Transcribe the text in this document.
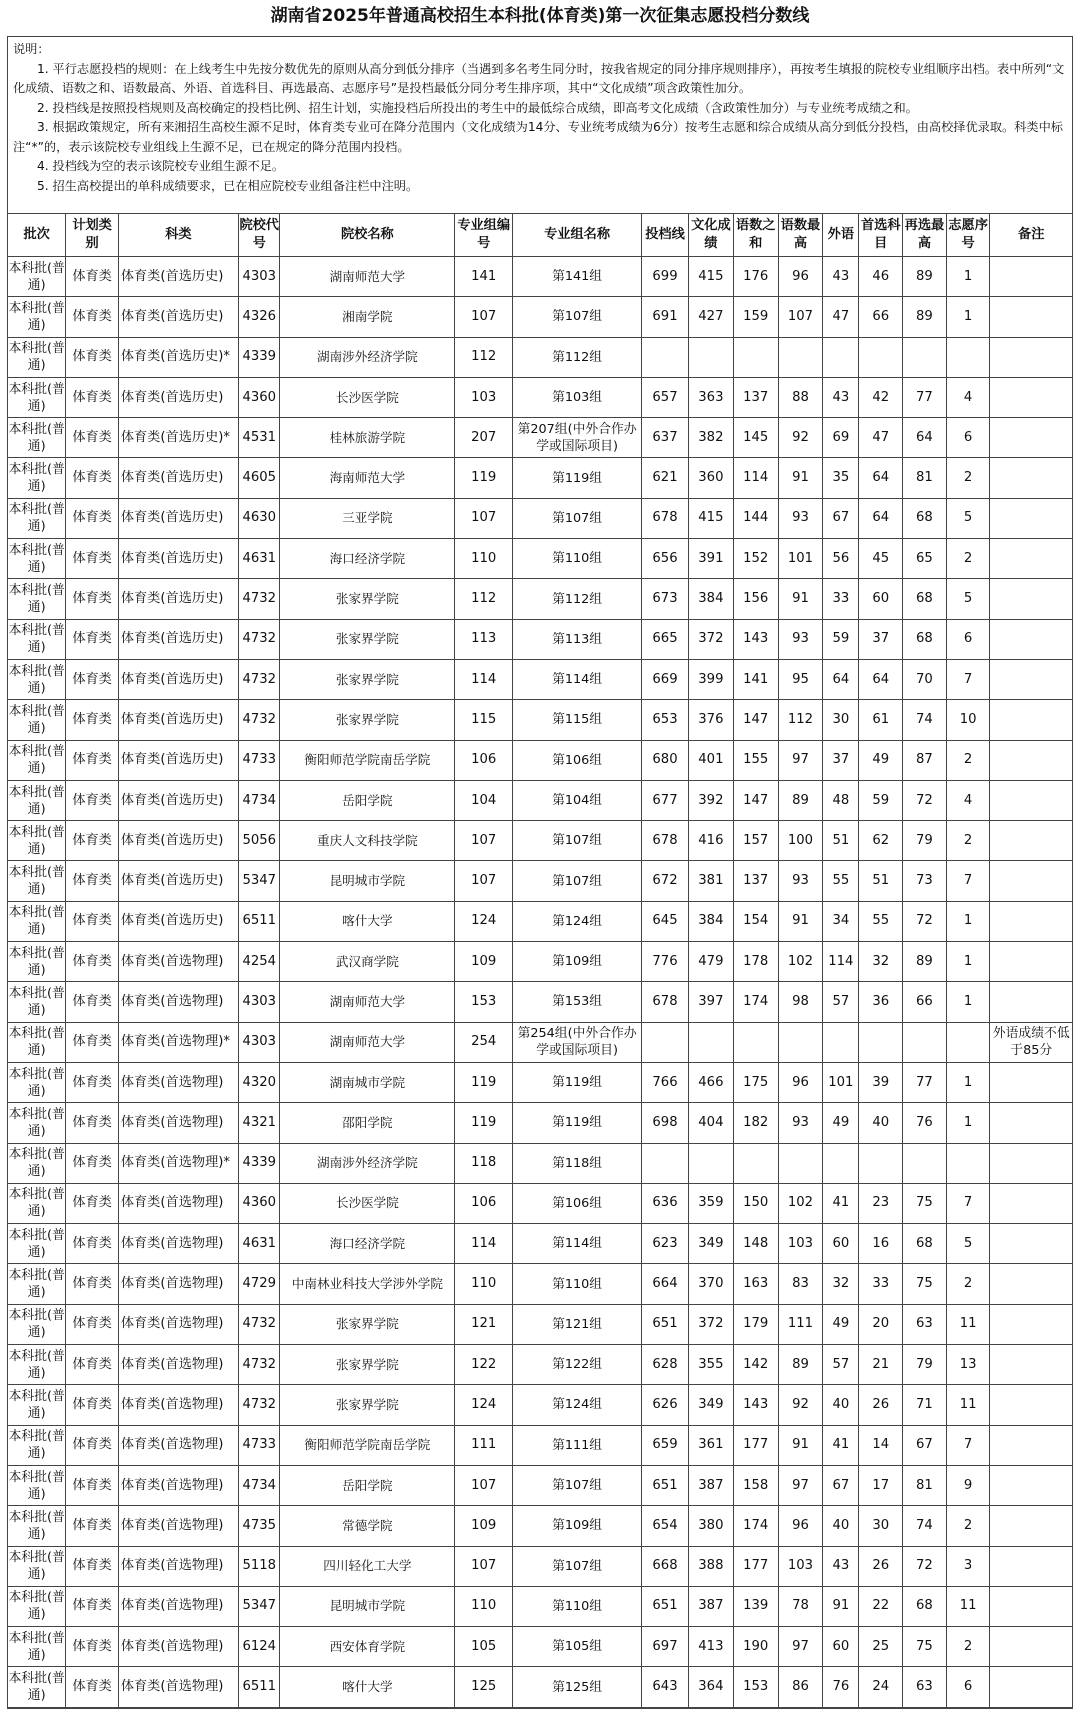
湖南省2025年普通高校招生本科批(体育类)第一次征集志愿投档分数线

说明：

1. 平行志愿投档的规则：在上线考生中先按分数优先的原则从高分到低分排序（当遇到多名考生同分时，按我省规定的同分排序规则排序），再按考生填报的院校专业组顺序出档。表中所列“文化成绩、语数之和、语数最高、外语、首选科目、再选最高、志愿序号”是投档最低分同分考生排序项，其中“文化成绩”项含政策性加分。

2. 投档线是按照投档规则及高校确定的投档比例、招生计划，实施投档后所投出的考生中的最低综合成绩，即高考文化成绩（含政策性加分）与专业统考成绩之和。

3. 根据政策规定，所有来湘招生高校生源不足时，体育类专业可在降分范围内（文化成绩为14分、专业统考成绩为6分）按考生志愿和综合成绩从高分到低分投档，由高校择优录取。科类中标注“*”的，表示该院校专业组线上生源不足，已在规定的降分范围内投档。

4. 投档线为空的表示该院校专业组生源不足。

5. 招生高校提出的单科成绩要求，已在相应院校专业组备注栏中注明。

批次	计划类别	科类	院校代号	院校名称	专业组编号	专业组名称	投档线	文化成绩	语数之和	语数最高	外语	首选科目	再选最高	志愿序号	备注
本科批(普通)	体育类	体育类(首选历史)	4303	湖南师范大学	141	第141组	699	415	176	96	43	46	89	1	
本科批(普通)	体育类	体育类(首选历史)	4326	湘南学院	107	第107组	691	427	159	107	47	66	89	1	
本科批(普通)	体育类	体育类(首选历史)*	4339	湖南涉外经济学院	112	第112组									
本科批(普通)	体育类	体育类(首选历史)	4360	长沙医学院	103	第103组	657	363	137	88	43	42	77	4	
本科批(普通)	体育类	体育类(首选历史)*	4531	桂林旅游学院	207	第207组(中外合作办学或国际项目)	637	382	145	92	69	47	64	6	
本科批(普通)	体育类	体育类(首选历史)	4605	海南师范大学	119	第119组	621	360	114	91	35	64	81	2	
本科批(普通)	体育类	体育类(首选历史)	4630	三亚学院	107	第107组	678	415	144	93	67	64	68	5	
本科批(普通)	体育类	体育类(首选历史)	4631	海口经济学院	110	第110组	656	391	152	101	56	45	65	2	
本科批(普通)	体育类	体育类(首选历史)	4732	张家界学院	112	第112组	673	384	156	91	33	60	68	5	
本科批(普通)	体育类	体育类(首选历史)	4732	张家界学院	113	第113组	665	372	143	93	59	37	68	6	
本科批(普通)	体育类	体育类(首选历史)	4732	张家界学院	114	第114组	669	399	141	95	64	64	70	7	
本科批(普通)	体育类	体育类(首选历史)	4732	张家界学院	115	第115组	653	376	147	112	30	61	74	10	
本科批(普通)	体育类	体育类(首选历史)	4733	衡阳师范学院南岳学院	106	第106组	680	401	155	97	37	49	87	2	
本科批(普通)	体育类	体育类(首选历史)	4734	岳阳学院	104	第104组	677	392	147	89	48	59	72	4	
本科批(普通)	体育类	体育类(首选历史)	5056	重庆人文科技学院	107	第107组	678	416	157	100	51	62	79	2	
本科批(普通)	体育类	体育类(首选历史)	5347	昆明城市学院	107	第107组	672	381	137	93	55	51	73	7	
本科批(普通)	体育类	体育类(首选历史)	6511	喀什大学	124	第124组	645	384	154	91	34	55	72	1	
本科批(普通)	体育类	体育类(首选物理)	4254	武汉商学院	109	第109组	776	479	178	102	114	32	89	1	
本科批(普通)	体育类	体育类(首选物理)	4303	湖南师范大学	153	第153组	678	397	174	98	57	36	66	1	
本科批(普通)	体育类	体育类(首选物理)*	4303	湖南师范大学	254	第254组(中外合作办学或国际项目)									外语成绩不低于85分
本科批(普通)	体育类	体育类(首选物理)	4320	湖南城市学院	119	第119组	766	466	175	96	101	39	77	1	
本科批(普通)	体育类	体育类(首选物理)	4321	邵阳学院	119	第119组	698	404	182	93	49	40	76	1	
本科批(普通)	体育类	体育类(首选物理)*	4339	湖南涉外经济学院	118	第118组									
本科批(普通)	体育类	体育类(首选物理)	4360	长沙医学院	106	第106组	636	359	150	102	41	23	75	7	
本科批(普通)	体育类	体育类(首选物理)	4631	海口经济学院	114	第114组	623	349	148	103	60	16	68	5	
本科批(普通)	体育类	体育类(首选物理)	4729	中南林业科技大学涉外学院	110	第110组	664	370	163	83	32	33	75	2	
本科批(普通)	体育类	体育类(首选物理)	4732	张家界学院	121	第121组	651	372	179	111	49	20	63	11	
本科批(普通)	体育类	体育类(首选物理)	4732	张家界学院	122	第122组	628	355	142	89	57	21	79	13	
本科批(普通)	体育类	体育类(首选物理)	4732	张家界学院	124	第124组	626	349	143	92	40	26	71	11	
本科批(普通)	体育类	体育类(首选物理)	4733	衡阳师范学院南岳学院	111	第111组	659	361	177	91	41	14	67	7	
本科批(普通)	体育类	体育类(首选物理)	4734	岳阳学院	107	第107组	651	387	158	97	67	17	81	9	
本科批(普通)	体育类	体育类(首选物理)	4735	常德学院	109	第109组	654	380	174	96	40	30	74	2	
本科批(普通)	体育类	体育类(首选物理)	5118	四川轻化工大学	107	第107组	668	388	177	103	43	26	72	3	
本科批(普通)	体育类	体育类(首选物理)	5347	昆明城市学院	110	第110组	651	387	139	78	91	22	68	11	
本科批(普通)	体育类	体育类(首选物理)	6124	西安体育学院	105	第105组	697	413	190	97	60	25	75	2	
本科批(普通)	体育类	体育类(首选物理)	6511	喀什大学	125	第125组	643	364	153	86	76	24	63	6	
